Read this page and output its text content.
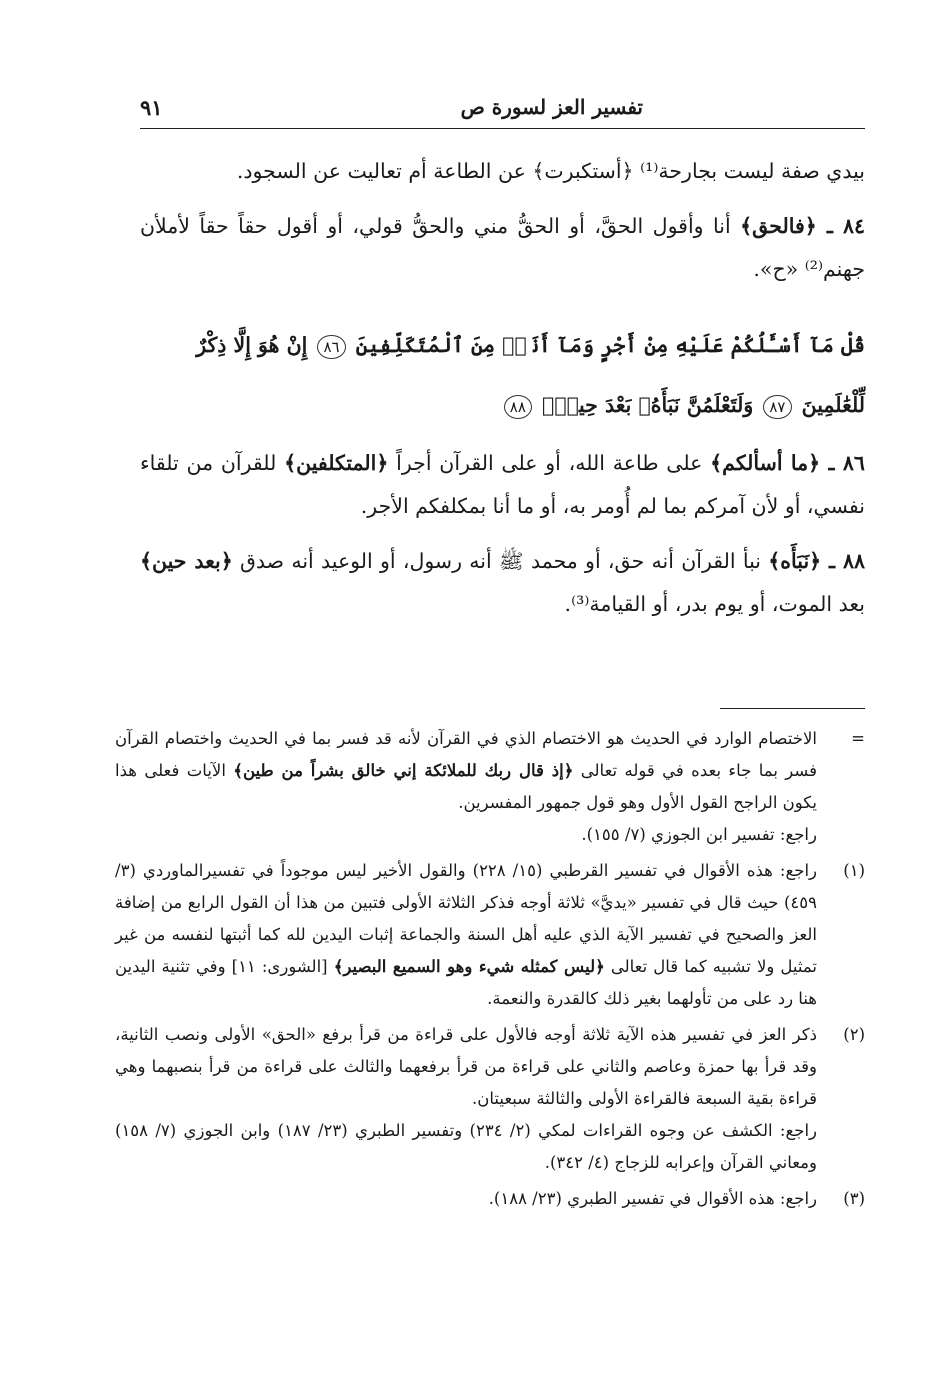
٩١	تفسير العز لسورة ص

بيدي صفة ليست بجارحة⁽¹⁾ ﴿أستكبرت﴾ عن الطاعة أم تعاليت عن السجود.

٨٤ ـ ﴿فالحق﴾ أنا وأقول الحقَّ، أو الحقُّ مني والحقُّ قولي، أو أقول حقاً حقاً لأملأن جهنم⁽²⁾ «ح».

قُلْ مَآ أَسْـَٔلُكُمْ عَلَيْهِ مِنْ أَجْرٍ وَمَآ أَنَا۠ مِنَ ٱلْمُتَكَلِّفِينَ ٨٦ إِنْ هُوَ إِلَّا ذِكْرٌ لِّلْعَٰلَمِينَ ٨٧ وَلَتَعْلَمُنَّ نَبَأَهُۥ بَعْدَ حِينٍۭ ٨٨

٨٦ ـ ﴿ما أسألكم﴾ على طاعة الله، أو على القرآن أجراً ﴿المتكلفين﴾ للقرآن من تلقاء نفسي، أو لأن آمركم بما لم أُومر به، أو ما أنا بمكلفكم الأجر.

٨٨ ـ ﴿نَبَأَه﴾ نبأ القرآن أنه حق، أو محمد ﷺ أنه رسول، أو الوعيد أنه صدق ﴿بعد حين﴾ بعد الموت، أو يوم بدر، أو القيامة⁽³⁾.

=
الاختصام الوارد في الحديث هو الاختصام الذي في القرآن لأنه قد فسر بما في الحديث واختصام القرآن فسر بما جاء بعده في قوله تعالى ﴿إذ قال ربك للملائكة إني خالق بشراً من طين﴾ الآيات فعلى هذا يكون الراجح القول الأول وهو قول جمهور المفسرين.

راجع: تفسير ابن الجوزي (٧/ ١٥٥).

(١)
راجع: هذه الأقوال في تفسير القرطبي (١٥/ ٢٢٨) والقول الأخير ليس موجوداً في تفسيرالماوردي (٣/ ٤٥٩) حيث قال في تفسير «يديَّ» ثلاثة أوجه فذكر الثلاثة الأولى فتبين من هذا أن القول الرابع من إضافة العز والصحيح في تفسير الآية الذي عليه أهل السنة والجماعة إثبات اليدين لله كما أثبتها لنفسه من غير تمثيل ولا تشبيه كما قال تعالى ﴿ليس كمثله شيء وهو السميع البصير﴾ [الشورى: ١١] وفي تثنية اليدين هنا رد على من تأولهما بغير ذلك كالقدرة والنعمة.
(٢)
ذكر العز في تفسير هذه الآية ثلاثة أوجه فالأول على قراءة من قرأ برفع «الحق» الأولى ونصب الثانية، وقد قرأ بها حمزة وعاصم والثاني على قراءة من قرأ برفعهما والثالث على قراءة من قرأ بنصبهما وهي قراءة بقية السبعة فالقراءة الأولى والثالثة سبعيتان.

راجع: الكشف عن وجوه القراءات لمكي (٢/ ٢٣٤) وتفسير الطبري (٢٣/ ١٨٧) وابن الجوزي (٧/ ١٥٨) ومعاني القرآن وإعرابه للزجاج (٤/ ٣٤٢).

(٣)
راجع: هذه الأقوال في تفسير الطبري (٢٣/ ١٨٨).
